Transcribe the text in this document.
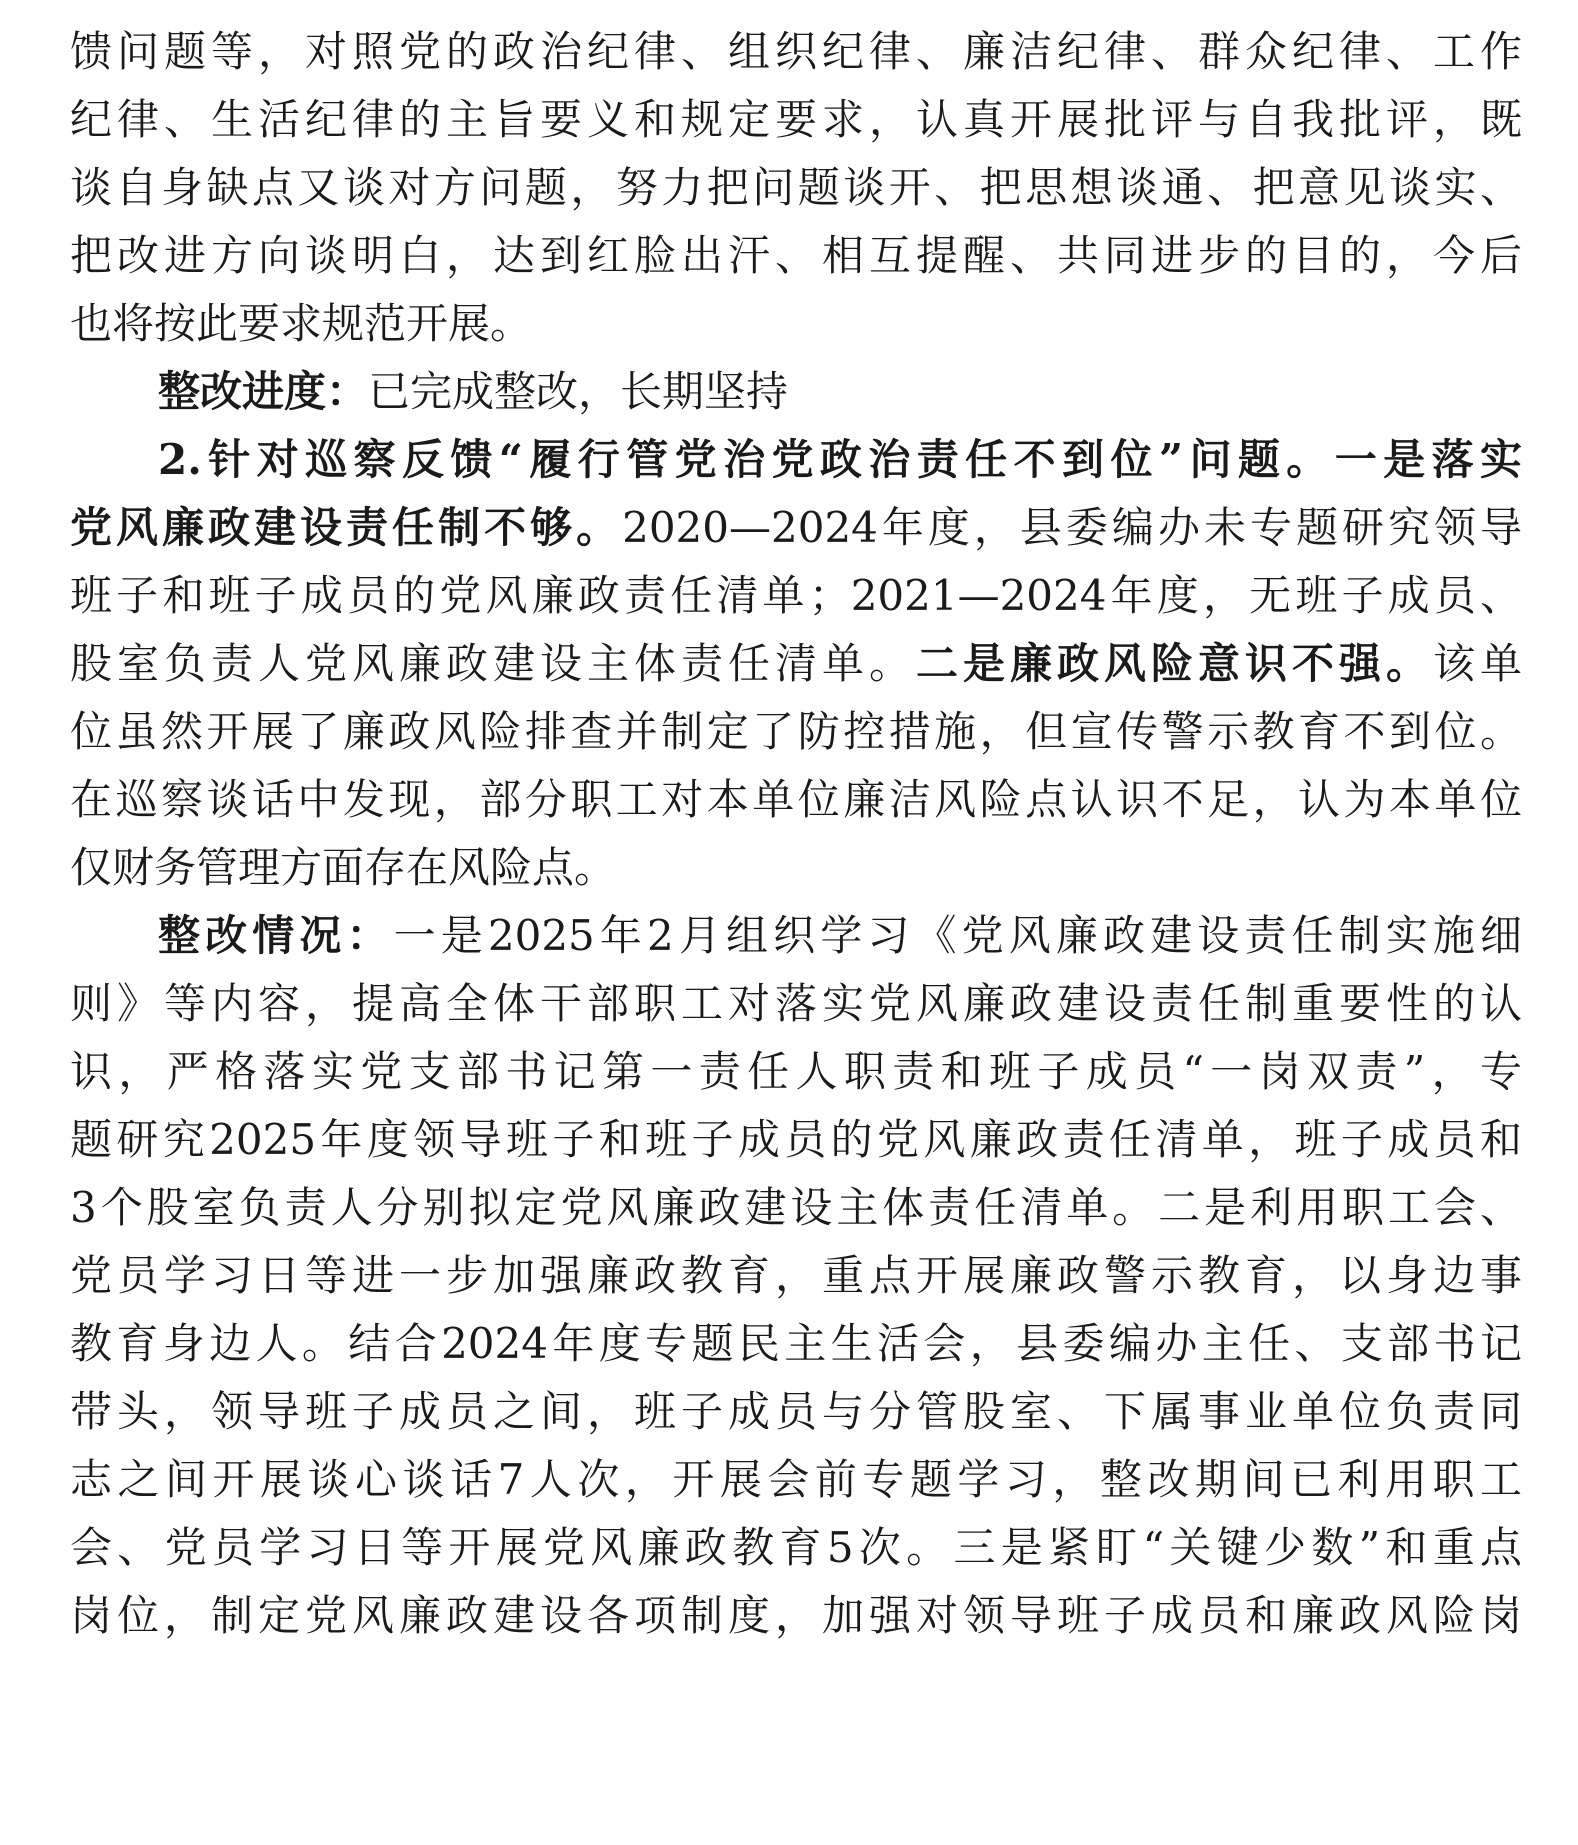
馈问题等，对照党的政治纪律、组织纪律、廉洁纪律、群众纪律、工作
纪律、生活纪律的主旨要义和规定要求，认真开展批评与自我批评，既
谈自身缺点又谈对方问题，努力把问题谈开、把思想谈通、把意见谈实、
把改进方向谈明白，达到红脸出汗、相互提醒、共同进步的目的，今后
也将按此要求规范开展。
整改进度：已完成整改，长期坚持
2.针对巡察反馈“履行管党治党政治责任不到位”问题。一是落实
党风廉政建设责任制不够。2020—2024年度，县委编办未专题研究领导
班子和班子成员的党风廉政责任清单；2021—2024年度，无班子成员、
股室负责人党风廉政建设主体责任清单。二是廉政风险意识不强。该单
位虽然开展了廉政风险排查并制定了防控措施，但宣传警示教育不到位。
在巡察谈话中发现，部分职工对本单位廉洁风险点认识不足，认为本单位
仅财务管理方面存在风险点。
整改情况：一是2025年2月组织学习《党风廉政建设责任制实施细
则》等内容，提高全体干部职工对落实党风廉政建设责任制重要性的认
识，严格落实党支部书记第一责任人职责和班子成员“一岗双责”，专
题研究2025年度领导班子和班子成员的党风廉政责任清单，班子成员和
3个股室负责人分别拟定党风廉政建设主体责任清单。二是利用职工会、
党员学习日等进一步加强廉政教育，重点开展廉政警示教育，以身边事
教育身边人。结合2024年度专题民主生活会，县委编办主任、支部书记
带头，领导班子成员之间，班子成员与分管股室、下属事业单位负责同
志之间开展谈心谈话7人次，开展会前专题学习，整改期间已利用职工
会、党员学习日等开展党风廉政教育5次。三是紧盯“关键少数”和重点
岗位，制定党风廉政建设各项制度，加强对领导班子成员和廉政风险岗
